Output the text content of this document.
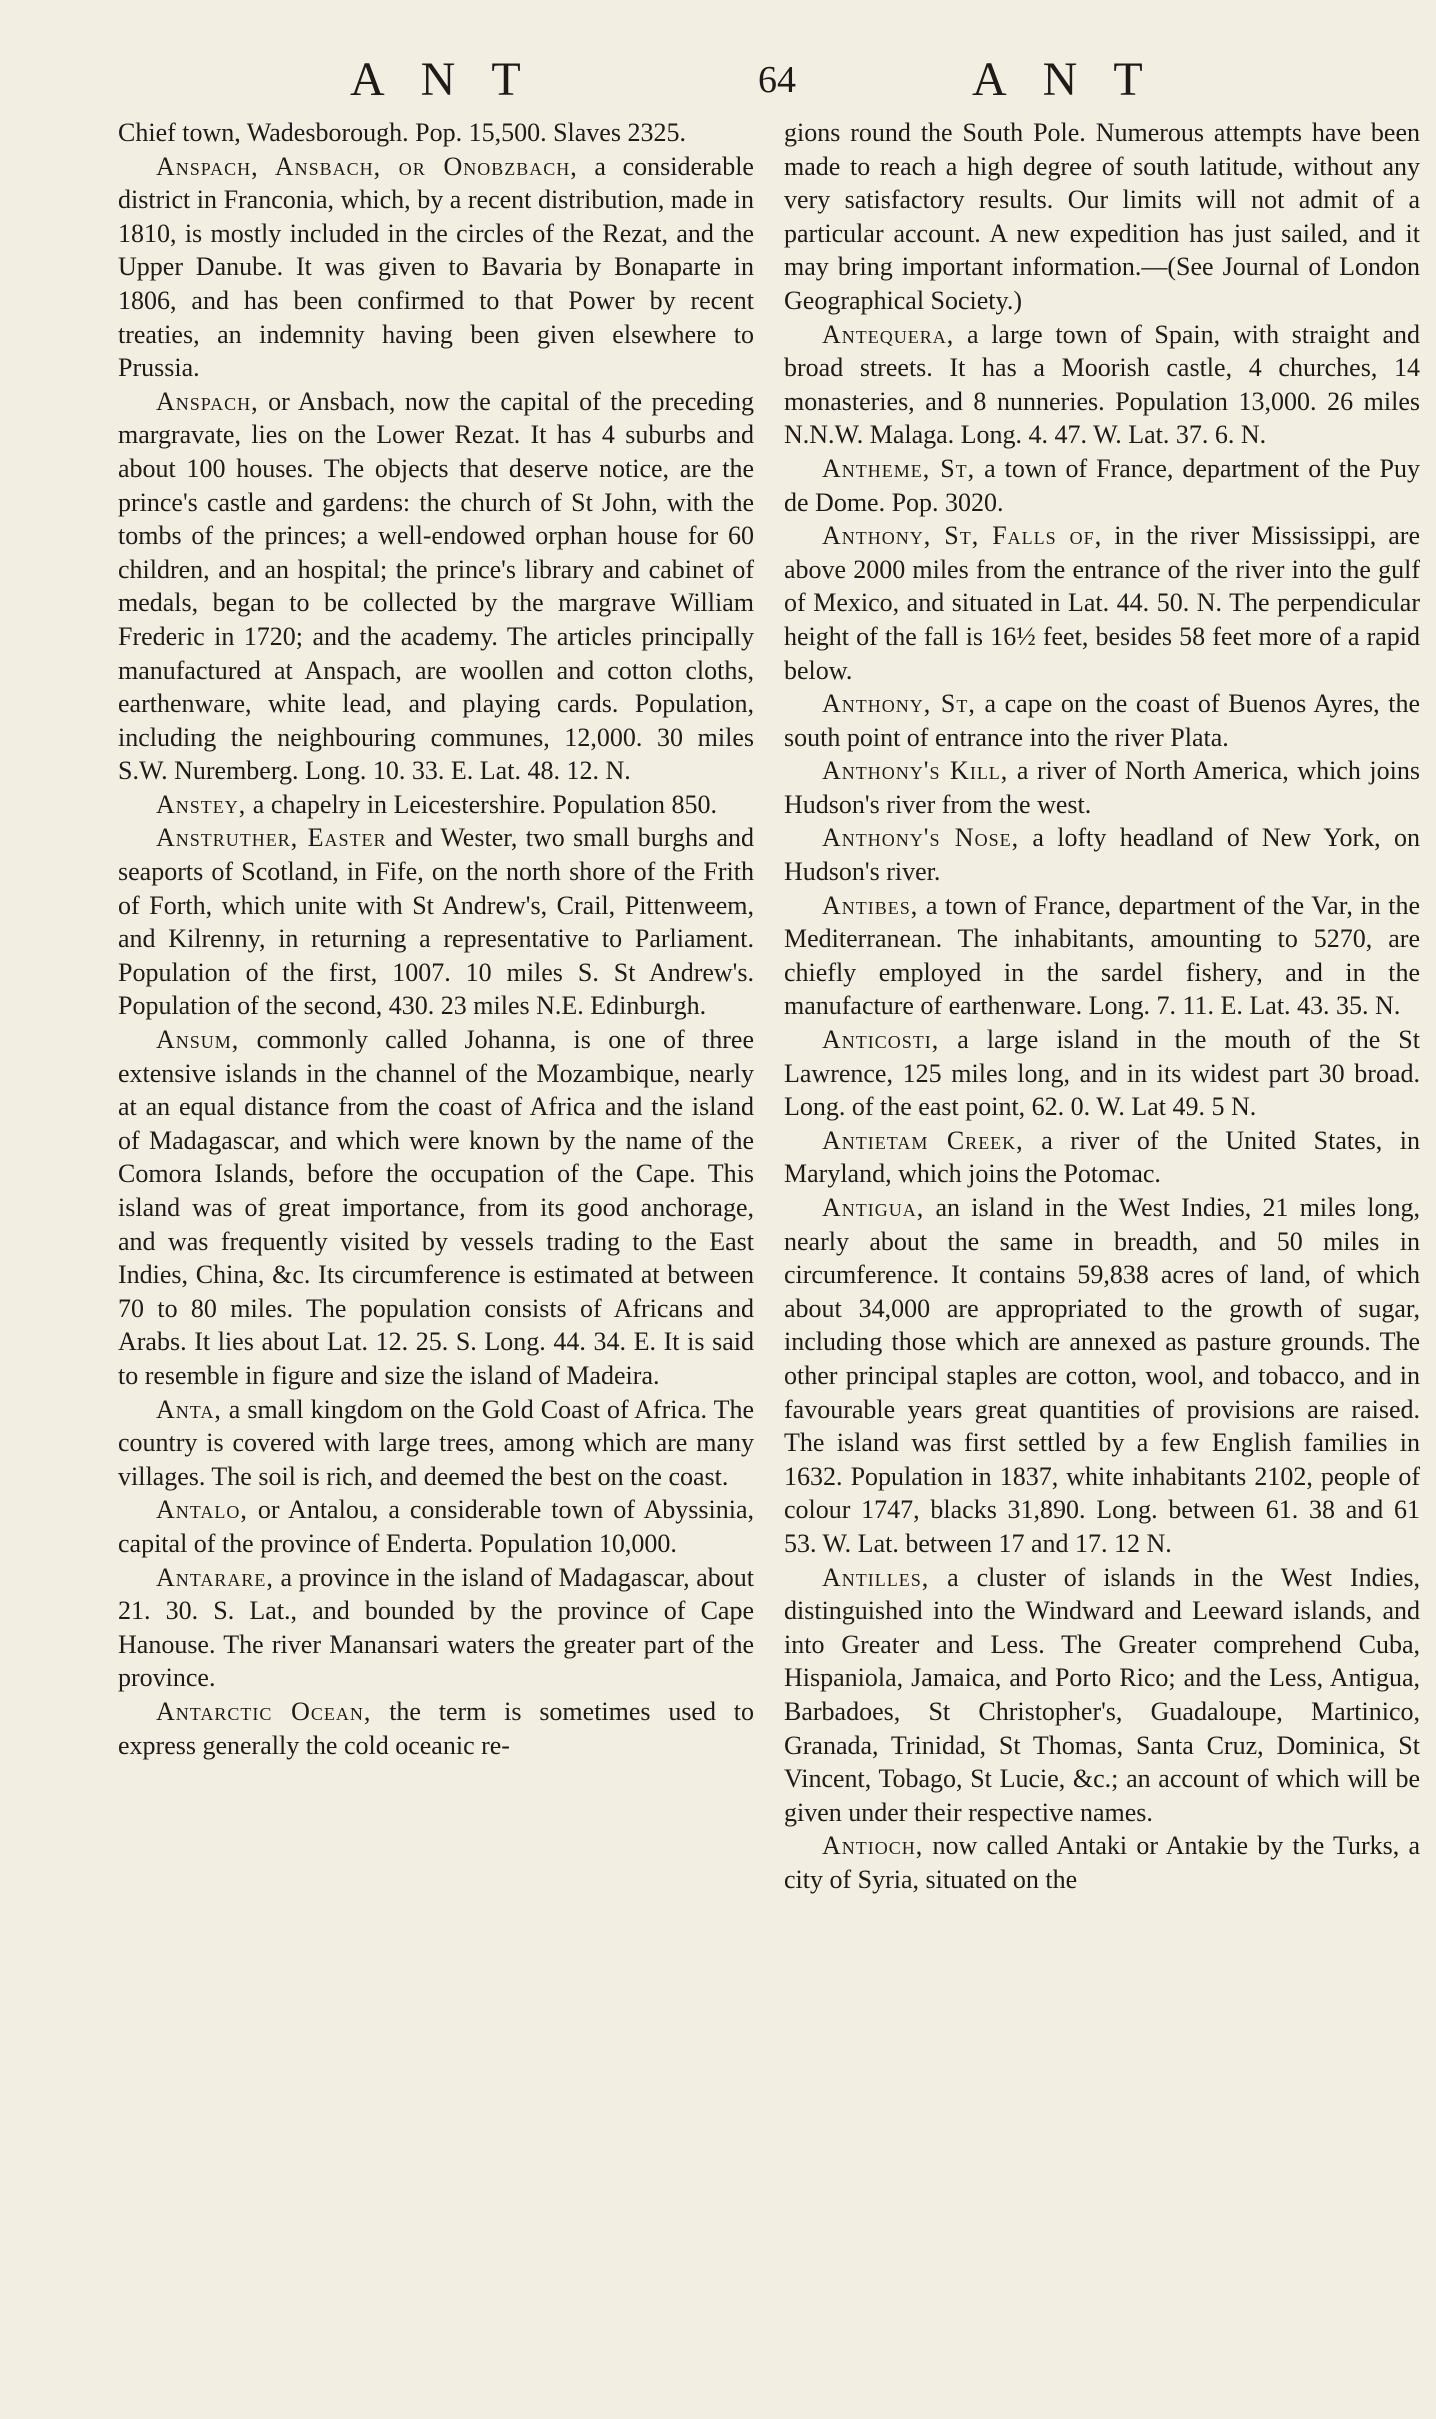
ANT	64	ANT

Chief town, Wadesborough. Pop. 15,500. Slaves 2325.

Anspach, Ansbach, or Onobzbach, a considerable district in Franconia, which, by a recent distribution, made in 1810, is mostly included in the circles of the Rezat, and the Upper Danube. It was given to Bavaria by Bonaparte in 1806, and has been confirmed to that Power by recent treaties, an indemnity having been given elsewhere to Prussia.

Anspach, or Ansbach, now the capital of the preceding margravate, lies on the Lower Rezat. It has 4 suburbs and about 100 houses. The objects that deserve notice, are the prince's castle and gardens: the church of St John, with the tombs of the princes; a well-endowed orphan house for 60 children, and an hospital; the prince's library and cabinet of medals, began to be collected by the margrave William Frederic in 1720; and the academy. The articles principally manufactured at Anspach, are woollen and cotton cloths, earthenware, white lead, and playing cards. Population, including the neighbouring communes, 12,000. 30 miles S.W. Nuremberg. Long. 10. 33. E. Lat. 48. 12. N.

Anstey, a chapelry in Leicestershire. Population 850.

Anstruther, Easter and Wester, two small burghs and seaports of Scotland, in Fife, on the north shore of the Frith of Forth, which unite with St Andrew's, Crail, Pittenweem, and Kilrenny, in returning a representative to Parliament. Population of the first, 1007. 10 miles S. St Andrew's. Population of the second, 430. 23 miles N.E. Edinburgh.

Ansum, commonly called Johanna, is one of three extensive islands in the channel of the Mozambique, nearly at an equal distance from the coast of Africa and the island of Madagascar, and which were known by the name of the Comora Islands, before the occupation of the Cape. This island was of great importance, from its good anchorage, and was frequently visited by vessels trading to the East Indies, China, &c. Its circumference is estimated at between 70 to 80 miles. The population consists of Africans and Arabs. It lies about Lat. 12. 25. S. Long. 44. 34. E. It is said to resemble in figure and size the island of Madeira.

Anta, a small kingdom on the Gold Coast of Africa. The country is covered with large trees, among which are many villages. The soil is rich, and deemed the best on the coast.

Antalo, or Antalou, a considerable town of Abyssinia, capital of the province of Enderta. Population 10,000.

Antarare, a province in the island of Madagascar, about 21. 30. S. Lat., and bounded by the province of Cape Hanouse. The river Manansari waters the greater part of the province.

Antarctic Ocean, the term is sometimes used to express generally the cold oceanic re-

gions round the South Pole. Numerous attempts have been made to reach a high degree of south latitude, without any very satisfactory results. Our limits will not admit of a particular account. A new expedition has just sailed, and it may bring important information.—(See Journal of London Geographical Society.)

Antequera, a large town of Spain, with straight and broad streets. It has a Moorish castle, 4 churches, 14 monasteries, and 8 nunneries. Population 13,000. 26 miles N.N.W. Malaga. Long. 4. 47. W. Lat. 37. 6. N.

Antheme, St, a town of France, department of the Puy de Dome. Pop. 3020.

Anthony, St, Falls of, in the river Mississippi, are above 2000 miles from the entrance of the river into the gulf of Mexico, and situated in Lat. 44. 50. N. The perpendicular height of the fall is 16½ feet, besides 58 feet more of a rapid below.

Anthony, St, a cape on the coast of Buenos Ayres, the south point of entrance into the river Plata.

Anthony's Kill, a river of North America, which joins Hudson's river from the west.

Anthony's Nose, a lofty headland of New York, on Hudson's river.

Antibes, a town of France, department of the Var, in the Mediterranean. The inhabitants, amounting to 5270, are chiefly employed in the sardel fishery, and in the manufacture of earthenware. Long. 7. 11. E. Lat. 43. 35. N.

Anticosti, a large island in the mouth of the St Lawrence, 125 miles long, and in its widest part 30 broad. Long. of the east point, 62. 0. W. Lat 49. 5 N.

Antietam Creek, a river of the United States, in Maryland, which joins the Potomac.

Antigua, an island in the West Indies, 21 miles long, nearly about the same in breadth, and 50 miles in circumference. It contains 59,838 acres of land, of which about 34,000 are appropriated to the growth of sugar, including those which are annexed as pasture grounds. The other principal staples are cotton, wool, and tobacco, and in favourable years great quantities of provisions are raised. The island was first settled by a few English families in 1632. Population in 1837, white inhabitants 2102, people of colour 1747, blacks 31,890. Long. between 61. 38 and 61 53. W. Lat. between 17 and 17. 12 N.

Antilles, a cluster of islands in the West Indies, distinguished into the Windward and Leeward islands, and into Greater and Less. The Greater comprehend Cuba, Hispaniola, Jamaica, and Porto Rico; and the Less, Antigua, Barbadoes, St Christopher's, Guadaloupe, Martinico, Granada, Trinidad, St Thomas, Santa Cruz, Dominica, St Vincent, Tobago, St Lucie, &c.; an account of which will be given under their respective names.

Antioch, now called Antaki or Antakie by the Turks, a city of Syria, situated on the
